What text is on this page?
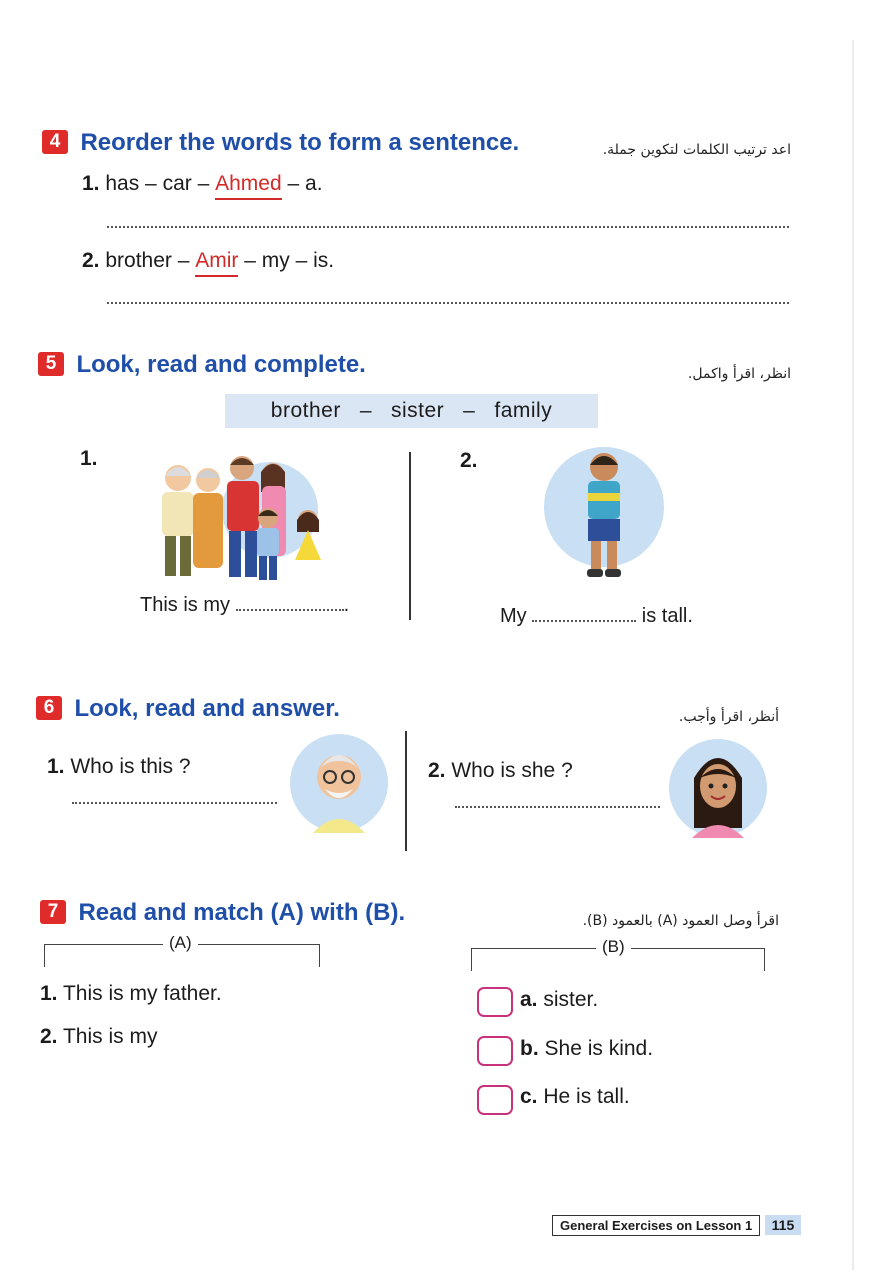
4 Reorder the words to form a sentence.	اعد ترتيب الكلمات لتكوين جملة.
1. has – car – Ahmed – a.
2. brother – Amir – my – is.
5 Look, read and complete.	انظر، اقرأ واكمل.
brother   –   sister   –   family
1.	2.
This is my	.	My	is tall.
6 Look, read and answer.	أنظر، اقرأ وأجب.
1. Who is this ?	2. Who is she ?
7 Read and match (A) with (B).	اقرأ وصل العمود (A) بالعمود (B).
(A)	(B)
1. This is my father.
2. This is my
a. sister.
b. She is kind.
c. He is tall.
General Exercises on Lesson 1 115
